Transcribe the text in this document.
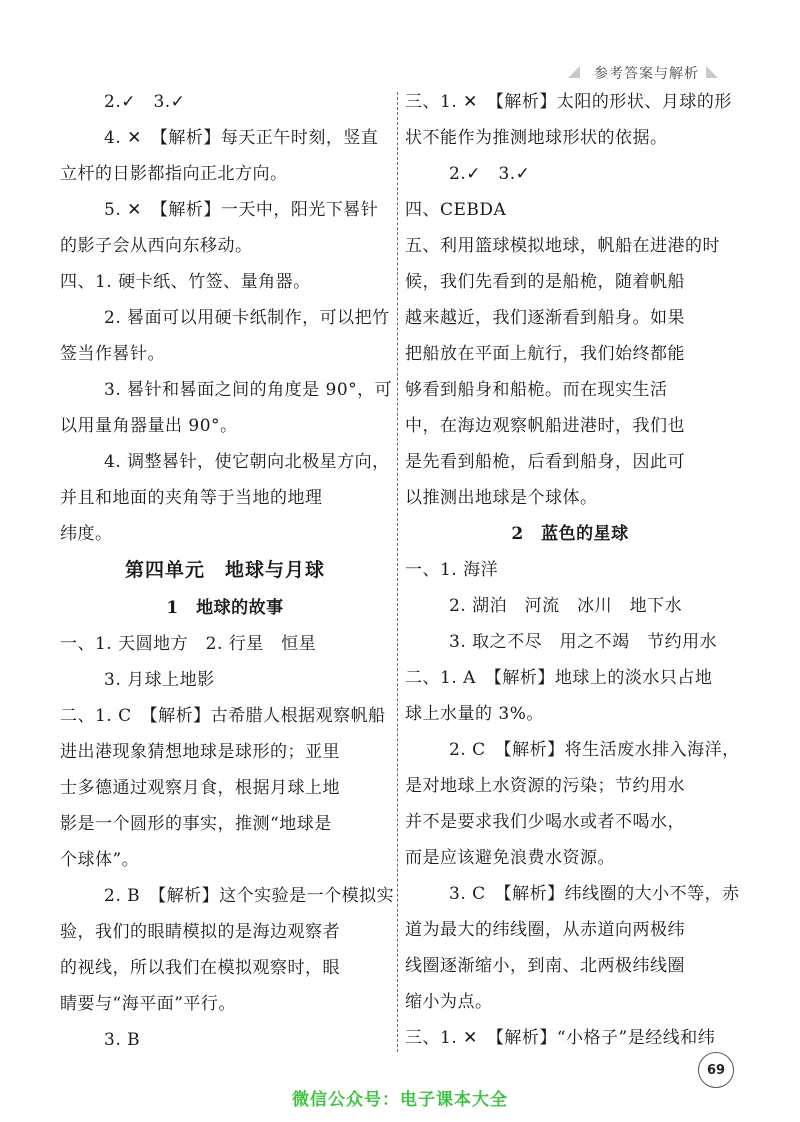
参考答案与解析
2.✓　3.✓
4. ✕　【解析】每天正午时刻，竖直
立杆的日影都指向正北方向。
5. ✕　【解析】一天中，阳光下晷针
的影子会从西向东移动。
四、1. 硬卡纸、竹签、量角器。
2. 晷面可以用硬卡纸制作，可以把竹
签当作晷针。
3. 晷针和晷面之间的角度是 90°，可
以用量角器量出 90°。
4. 调整晷针，使它朝向北极星方向，
并且和地面的夹角等于当地的地理
纬度。
第四单元　地球与月球
1　地球的故事
一、1. 天圆地方　2. 行星　恒星
3. 月球上地影
二、1. C　【解析】古希腊人根据观察帆船
进出港现象猜想地球是球形的；亚里
士多德通过观察月食，根据月球上地
影是一个圆形的事实，推测“地球是
个球体”。
2. B　【解析】这个实验是一个模拟实
验，我们的眼睛模拟的是海边观察者
的视线，所以我们在模拟观察时，眼
睛要与“海平面”平行。
3. B
三、1. ✕　【解析】太阳的形状、月球的形
状不能作为推测地球形状的依据。
2.✓　3.✓
四、CEBDA
五、利用篮球模拟地球，帆船在进港的时
候，我们先看到的是船桅，随着帆船
越来越近，我们逐渐看到船身。如果
把船放在平面上航行，我们始终都能
够看到船身和船桅。而在现实生活
中，在海边观察帆船进港时，我们也
是先看到船桅，后看到船身，因此可
以推测出地球是个球体。
2　蓝色的星球
一、1. 海洋
2. 湖泊　河流　冰川　地下水
3. 取之不尽　用之不竭　节约用水
二、1. A　【解析】地球上的淡水只占地
球上水量的 3%。
2. C　【解析】将生活废水排入海洋，
是对地球上水资源的污染；节约用水
并不是要求我们少喝水或者不喝水，
而是应该避免浪费水资源。
3. C　【解析】纬线圈的大小不等，赤
道为最大的纬线圈，从赤道向两极纬
线圈逐渐缩小，到南、北两极纬线圈
缩小为点。
三、1. ✕　【解析】“小格子”是经线和纬
69
微信公众号：电子课本大全
